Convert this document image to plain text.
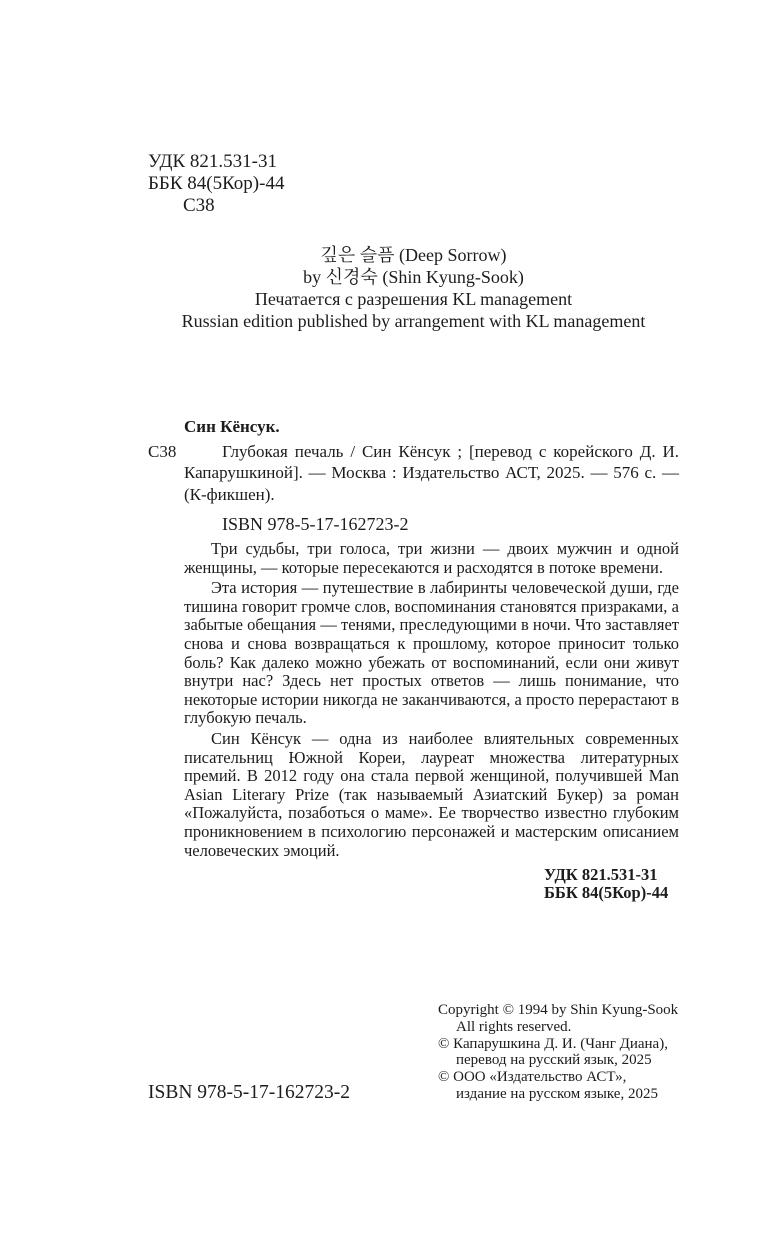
УДК 821.531-31
ББК 84(5Кор)-44
С38
깊은 슬픔 (Deep Sorrow)
by 신경숙 (Shin Kyung-Sook)
Печатается с разрешения KL management
Russian edition published by arrangement with KL management
Син Кёнсук.
С38	Глубокая печаль / Син Кёнсук ; [перевод с корейского Д. И. Капарушкиной]. — Москва : Издательство АСТ, 2025. — 576 с. — (К-фикшен).

ISBN 978-5-17-162723-2

Три судьбы, три голоса, три жизни — двоих мужчин и одной женщины, — которые пересекаются и расходятся в потоке времени.

Эта история — путешествие в лабиринты человеческой души, где тишина говорит громче слов, воспоминания становятся призраками, а забытые обещания — тенями, преследующими в ночи. Что заставляет снова и снова возвращаться к прошлому, которое приносит только боль? Как далеко можно убежать от воспоминаний, если они живут внутри нас? Здесь нет простых ответов — лишь понимание, что некоторые истории никогда не заканчиваются, а просто перерастают в глубокую печаль.

Син Кёнсук — одна из наиболее влиятельных современных писательниц Южной Кореи, лауреат множества литературных премий. В 2012 году она стала первой женщиной, получившей Man Asian Literary Prize (так называемый Азиатский Букер) за роман «Пожалуйста, позаботься о маме». Ее творчество известно глубоким проникновением в психологию персонажей и мастерским описанием человеческих эмоций.

УДК 821.531-31
ББК 84(5Кор)-44
Copyright © 1994 by Shin Kyung-Sook
All rights reserved.
© Капарушкина Д. И. (Чанг Диана),
перевод на русский язык, 2025
© ООО «Издательство АСТ»,
издание на русском языке, 2025
ISBN 978-5-17-162723-2
